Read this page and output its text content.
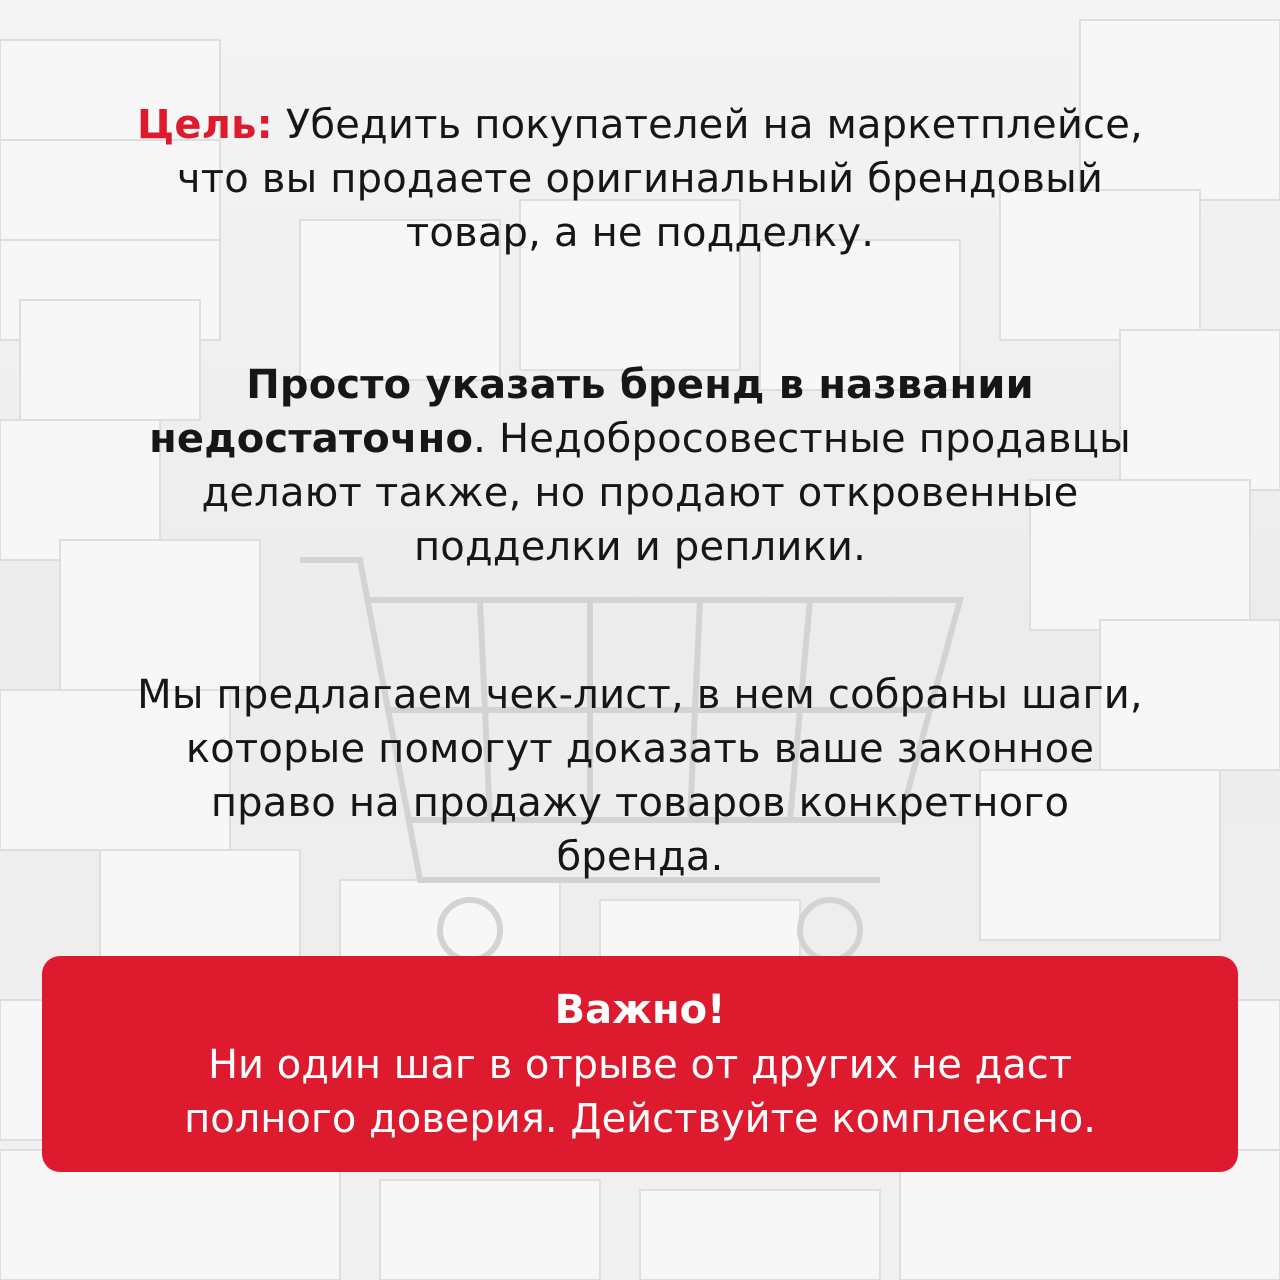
Цель: Убедить покупателей на маркетплейсе,
что вы продаете оригинальный брендовый
товар, а не подделку.
Просто указать бренд в названии
недостаточно. Недобросовестные продавцы
делают также, но продают откровенные
подделки и реплики.
Мы предлагаем чек-лист, в нем собраны шаги,
которые помогут доказать ваше законное
право на продажу товаров конкретного
бренда.
Важно!
Ни один шаг в отрыве от других не даст
полного доверия. Действуйте комплексно.
